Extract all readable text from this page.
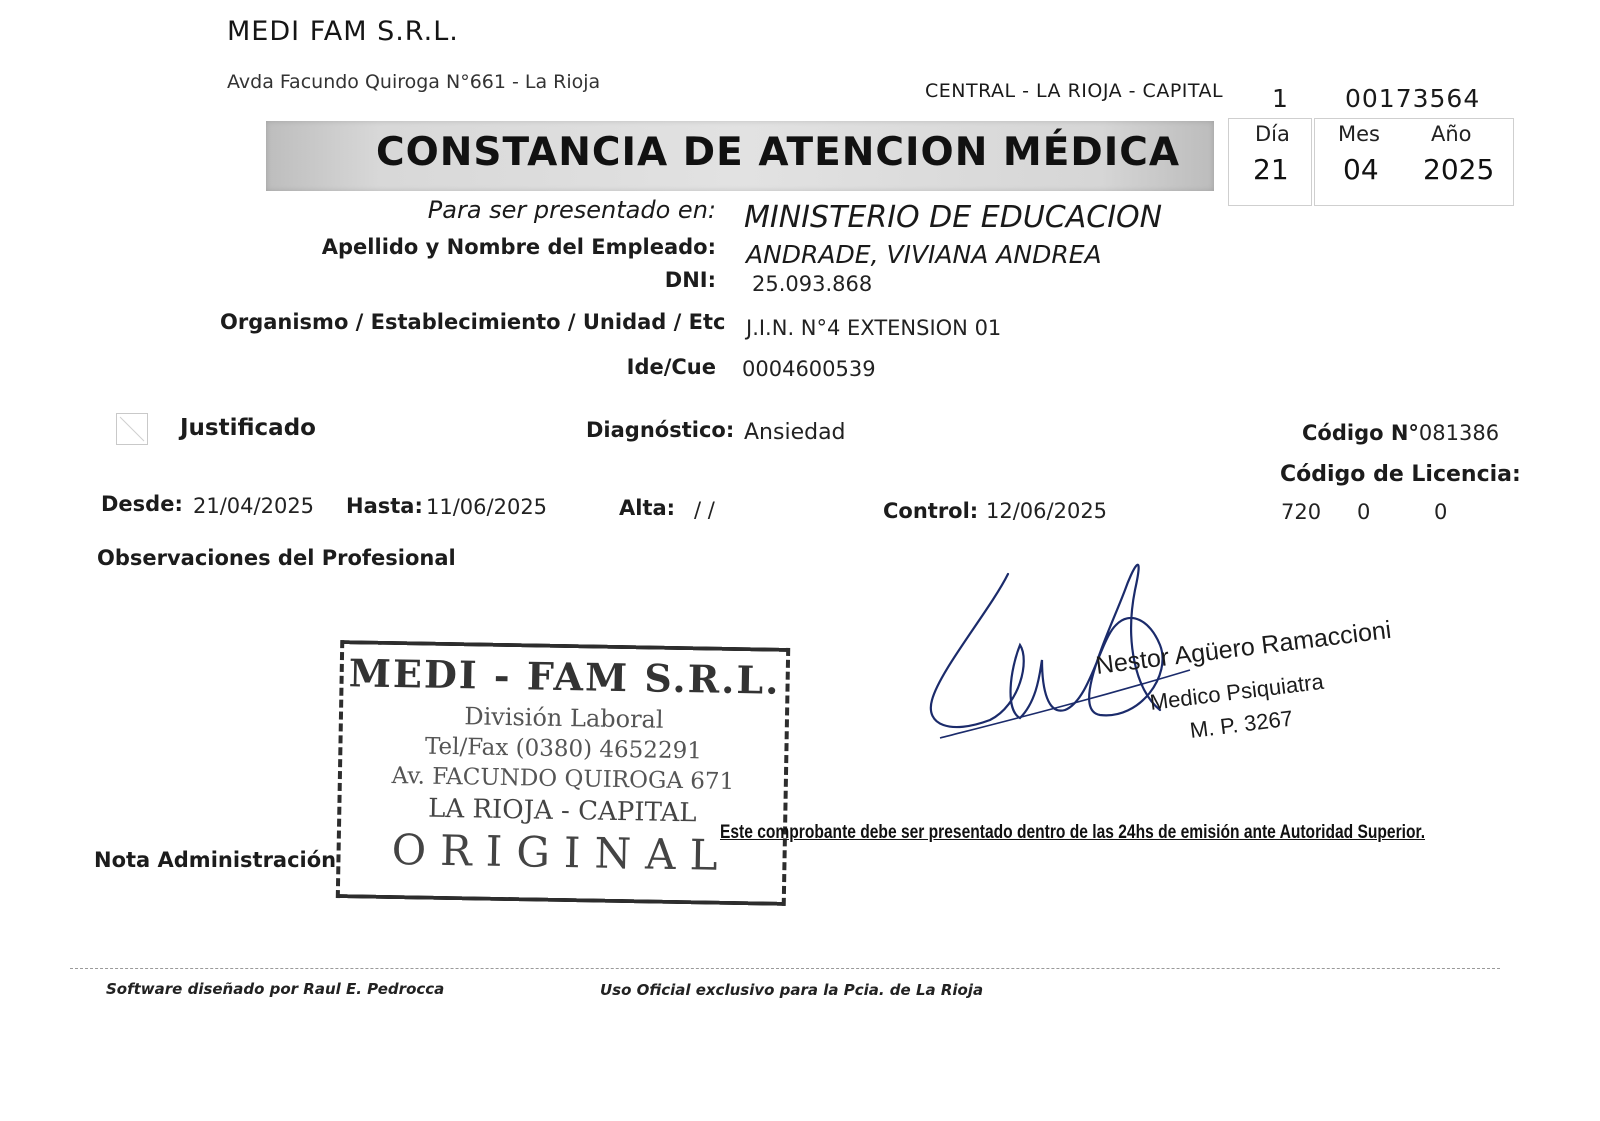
MEDI FAM S.R.L.
Avda Facundo Quiroga N°661 - La Rioja	CENTRAL - LA RIOJA - CAPITAL 1 00173564
CONSTANCIA DE ATENCION MÉDICA	Día Mes Año
21 04 2025
Para ser presentado en: MINISTERIO DE EDUCACION
Apellido y Nombre del Empleado: ANDRADE, VIVIANA ANDREA
DNI: 25.093.868
Organismo / Establecimiento / Unidad / Etc J.I.N. N°4 EXTENSION 01
Ide/Cue 0004600539
Justificado	Diagnóstico: Ansiedad	Código N°081386
Código de Licencia:
720 0	0
Desde: 21/04/2025 Hasta: 11/06/2025	Alta: / /	Control: 12/06/2025
Observaciones del Profesional
MEDI - FAM S.R.L.
División Laboral
Tel/Fax (0380) 4652291
Av. FACUNDO QUIROGA 671
LA RIOJA - CAPITAL
ORIGINAL
Nestor Agüero Ramaccioni
Medico Psiquiatra
M. P. 3267
Este comprobante debe ser presentado dentro de las 24hs de emisión ante Autoridad Superior.
Nota Administración
Software diseñado por Raul E. Pedrocca	Uso Oficial exclusivo para la Pcia. de La Rioja
